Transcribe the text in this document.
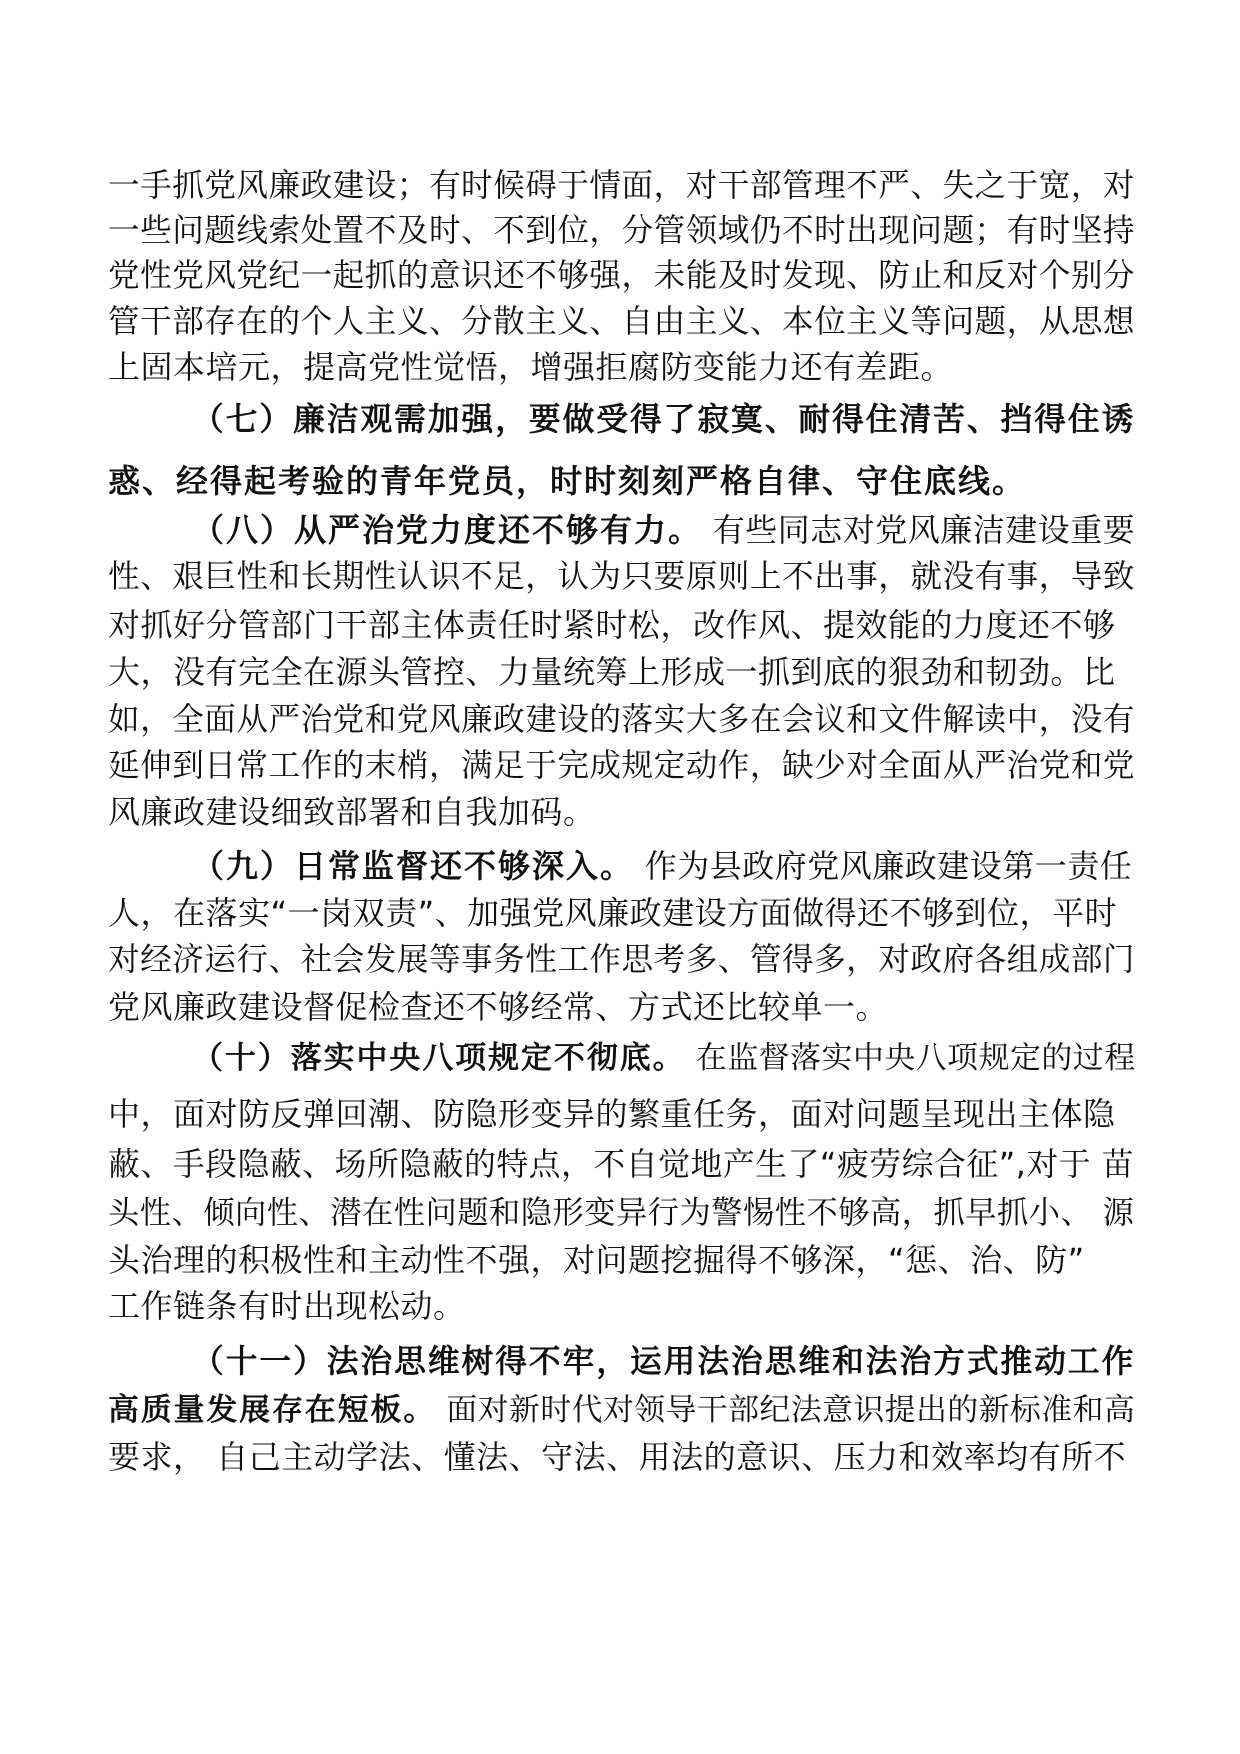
一手抓党风廉政建设；有时候碍于情面，对干部管理不严、失之于宽，对
一些问题线索处置不及时、不到位，分管领域仍不时出现问题；有时坚持
党性党风党纪一起抓的意识还不够强，未能及时发现、防止和反对个别分
管干部存在的个人主义、分散主义、自由主义、本位主义等问题，从思想
上固本培元，提高党性觉悟，增强拒腐防变能力还有差距。
（七）廉洁观需加强，要做受得了寂寞、耐得住清苦、挡得住诱
惑、经得起考验的青年党员，时时刻刻严格自律、守住底线。
（八）从严治党力度还不够有力。 有些同志对党风廉洁建设重要
性、艰巨性和长期性认识不足，认为只要原则上不出事，就没有事，导致
对抓好分管部门干部主体责任时紧时松，改作风、提效能的力度还不够
大，没有完全在源头管控、力量统筹上形成一抓到底的狠劲和韧劲。比
如，全面从严治党和党风廉政建设的落实大多在会议和文件解读中，没有
延伸到日常工作的末梢，满足于完成规定动作，缺少对全面从严治党和党
风廉政建设细致部署和自我加码。
（九）日常监督还不够深入。 作为县政府党风廉政建设第一责任
人，在落实“一岗双责”、加强党风廉政建设方面做得还不够到位，平时
对经济运行、社会发展等事务性工作思考多、管得多，对政府各组成部门
党风廉政建设督促检查还不够经常、方式还比较单一。
（十）落实中央八项规定不彻底。 在监督落实中央八项规定的过程
中，面对防反弹回潮、防隐形变异的繁重任务，面对问题呈现出主体隐
蔽、手段隐蔽、场所隐蔽的特点，不自觉地产生了“疲劳综合征”,对于 苗
头性、倾向性、潜在性问题和隐形变异行为警惕性不够高，抓早抓小、 源
头治理的积极性和主动性不强，对问题挖掘得不够深，“惩、治、防”
工作链条有时出现松动。
（十一）法治思维树得不牢，运用法治思维和法治方式推动工作
高质量发展存在短板。 面对新时代对领导干部纪法意识提出的新标准和高
要求， 自己主动学法、懂法、守法、用法的意识、压力和效率均有所不
